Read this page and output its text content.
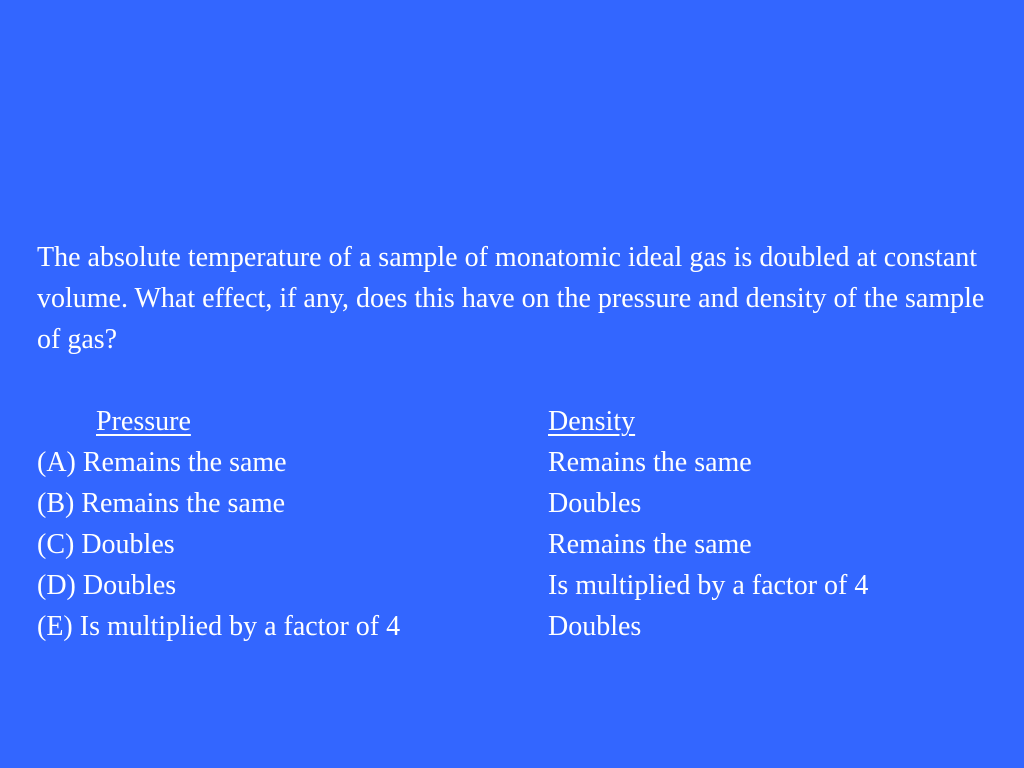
The absolute temperature of a sample of monatomic ideal gas is doubled at constant volume. What effect, if any, does this have on the pressure and density of the sample of gas?

Pressure	Density
(A) Remains the same	Remains the same
(B) Remains the same	Doubles
(C) Doubles	Remains the same
(D) Doubles	Is multiplied by a factor of 4
(E) Is multiplied by a factor of 4	Doubles
